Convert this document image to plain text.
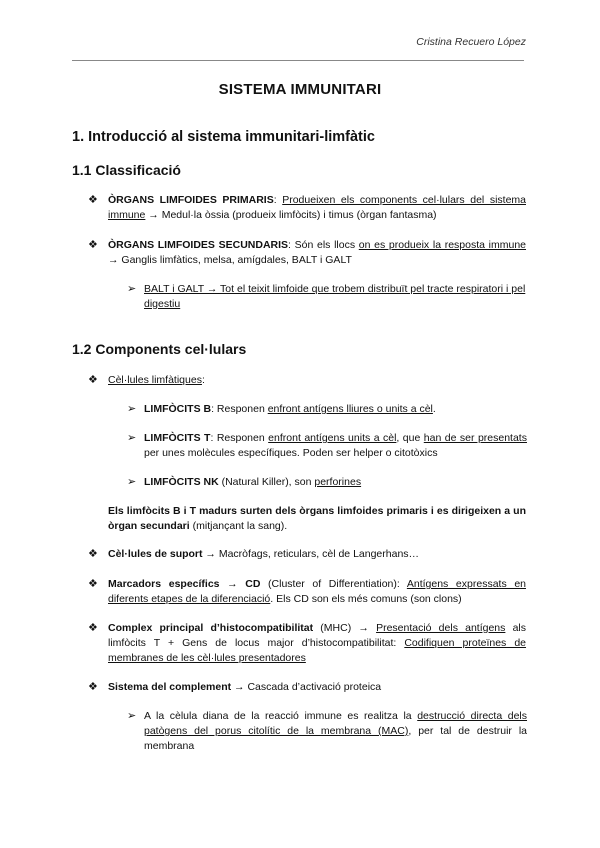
Cristina Recuero López
SISTEMA IMMUNITARI
1. Introducció al sistema immunitari-limfàtic
1.1 Classificació
❖ ÒRGANS LIMFOIDES PRIMARIS: Produeixen els components cel·lulars del sistema immune → Medul·la òssia (produeix limfòcits) i timus (òrgan fantasma)
❖ ÒRGANS LIMFOIDES SECUNDARIS: Són els llocs on es produeix la resposta immune → Ganglis limfàtics, melsa, amígdales, BALT i GALT
➢ BALT i GALT → Tot el teixit limfoide que trobem distribuït pel tracte respiratori i pel digestiu
1.2 Components cel·lulars
❖ Cèl·lules limfàtiques:
➢ LIMFÒCITS B: Responen enfront antígens lliures o units a cèl.
➢ LIMFÒCITS T: Responen enfront antígens units a cèl, que han de ser presentats per unes molècules específiques. Poden ser helper o citotòxics
➢ LIMFÒCITS NK (Natural Killer), son perforines
Els limfòcits B i T madurs surten dels òrgans limfoides primaris i es dirigeixen a un òrgan secundari (mitjançant la sang).
❖ Cèl·lules de suport → Macròfags, reticulars, cèl de Langerhans…
❖ Marcadors específics → CD (Cluster of Differentiation): Antígens expressats en diferents etapes de la diferenciació. Els CD son els més comuns (son clons)
❖ Complex principal d’histocompatibilitat (MHC) → Presentació dels antígens als limfòcits T + Gens de locus major d’histocompatibilitat: Codifiquen proteïnes de membranes de les cèl·lules presentadores
❖ Sistema del complement → Cascada d’activació proteica
➢ A la cèlula diana de la reacció immune es realitza la destrucció directa dels patògens del porus citolític de la membrana (MAC), per tal de destruir la membrana
